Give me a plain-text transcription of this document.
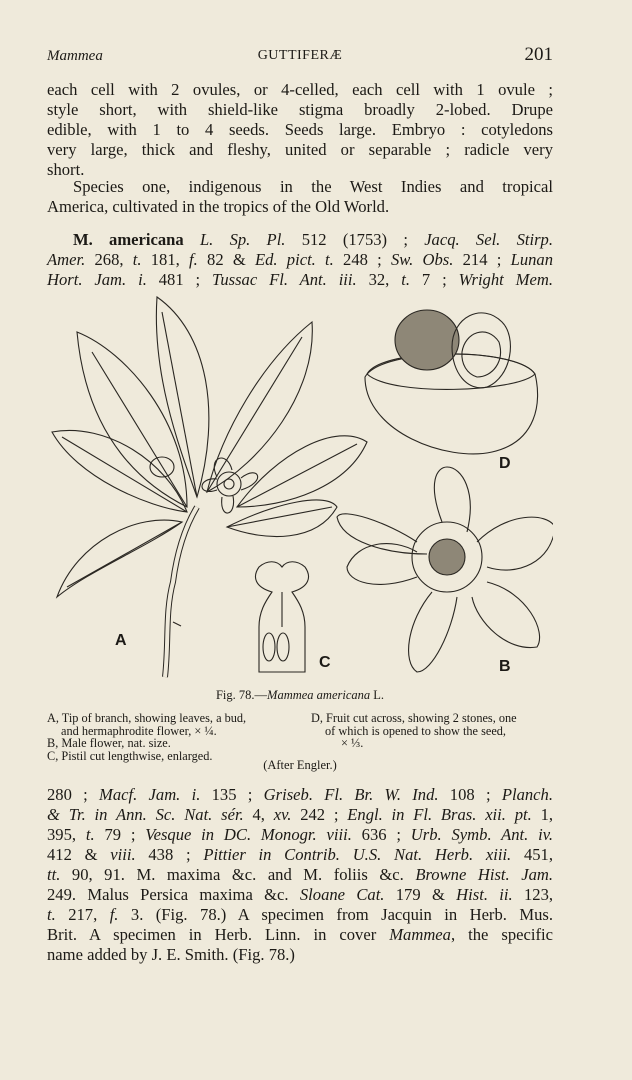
Mammea	GUTTIFERÆ	201
each cell with 2 ovules, or 4-celled, each cell with 1 ovule ;
style short, with shield-like stigma broadly 2-lobed. Drupe
edible, with 1 to 4 seeds. Seeds large. Embryo : cotyledons
very large, thick and fleshy, united or separable ; radicle very
short.
Species one, indigenous in the West Indies and tropical
America, cultivated in the tropics of the Old World.
M. americana L. Sp. Pl. 512 (1753) ; Jacq. Sel. Stirp.
Amer. 268, t. 181, f. 82 & Ed. pict. t. 248 ; Sw. Obs. 214 ; Lunan
Hort. Jam. i. 481 ; Tussac Fl. Ant. iii. 32, t. 7 ; Wright Mem.
A
B
C
D
Fig. 78.—Mammea americana L.
A, Tip of branch, showing leaves, a bud,
and hermaphrodite flower, × ¼.
B, Male flower, nat. size.
C, Pistil cut lengthwise, enlarged.
D, Fruit cut across, showing 2 stones, one
of which is opened to show the seed,
× ⅓.
(After Engler.)
280 ; Macf. Jam. i. 135 ; Griseb. Fl. Br. W. Ind. 108 ; Planch.
& Tr. in Ann. Sc. Nat. sér. 4, xv. 242 ; Engl. in Fl. Bras. xii. pt. 1,
395, t. 79 ; Vesque in DC. Monogr. viii. 636 ; Urb. Symb. Ant. iv.
412 & viii. 438 ; Pittier in Contrib. U.S. Nat. Herb. xiii. 451,
tt. 90, 91. M. maxima &c. and M. foliis &c. Browne Hist. Jam.
249. Malus Persica maxima &c. Sloane Cat. 179 & Hist. ii. 123,
t. 217, f. 3. (Fig. 78.) A specimen from Jacquin in Herb. Mus.
Brit. A specimen in Herb. Linn. in cover Mammea, the specific
name added by J. E. Smith. (Fig. 78.)
